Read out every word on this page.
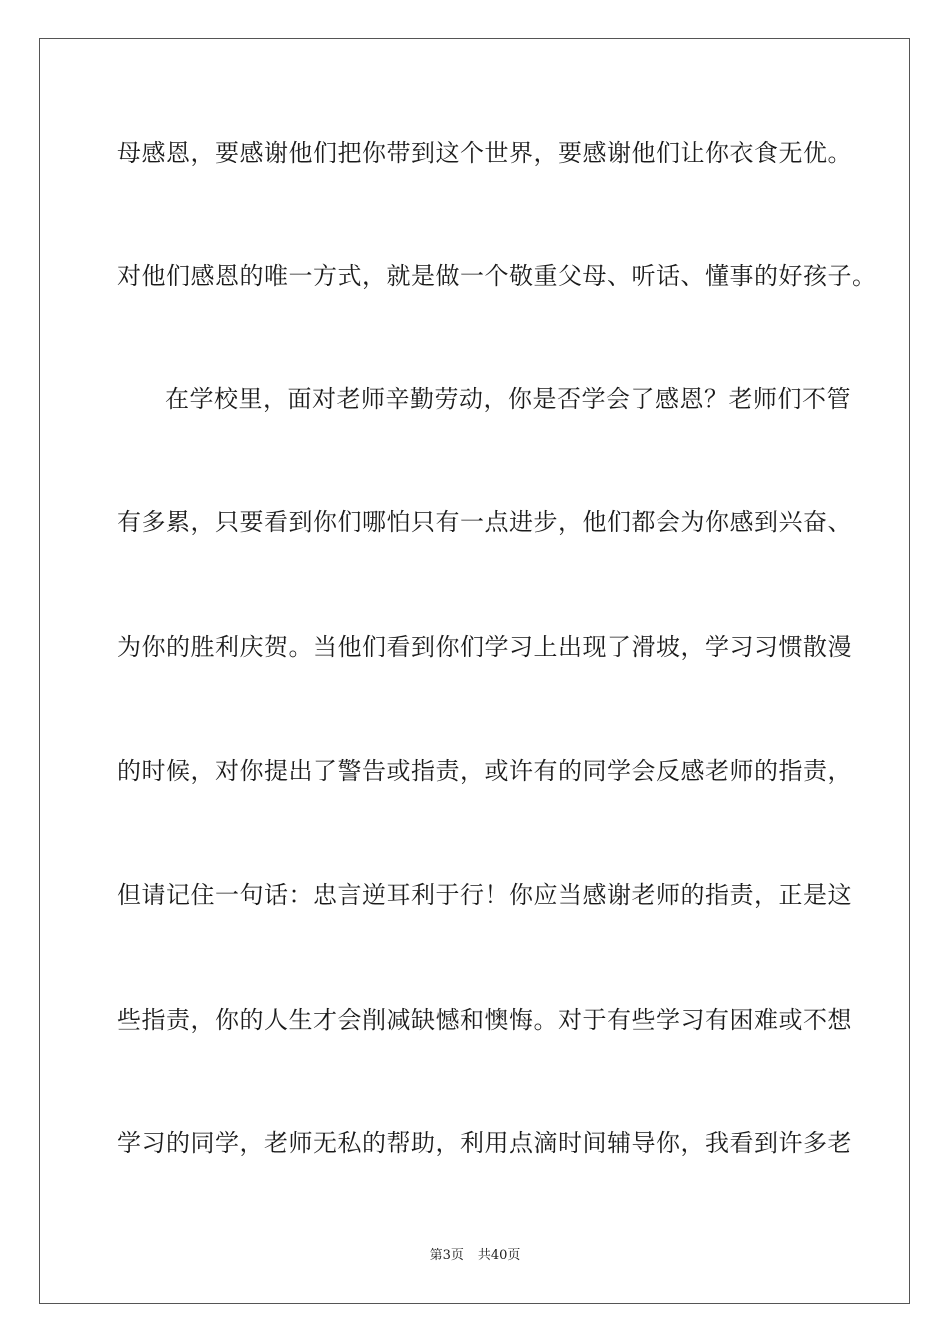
母感恩，要感谢他们把你带到这个世界，要感谢他们让你衣食无优。
对他们感恩的唯一方式，就是做一个敬重父母、听话、懂事的好孩子。
在学校里，面对老师辛勤劳动，你是否学会了感恩？老师们不管
有多累，只要看到你们哪怕只有一点进步，他们都会为你感到兴奋、
为你的胜利庆贺。当他们看到你们学习上出现了滑坡，学习习惯散漫
的时候，对你提出了警告或指责，或许有的同学会反感老师的指责，
但请记住一句话：忠言逆耳利于行！你应当感谢老师的指责，正是这
些指责，你的人生才会削减缺憾和懊悔。对于有些学习有困难或不想
学习的同学，老师无私的帮助，利用点滴时间辅导你，我看到许多老
第3页 共40页
